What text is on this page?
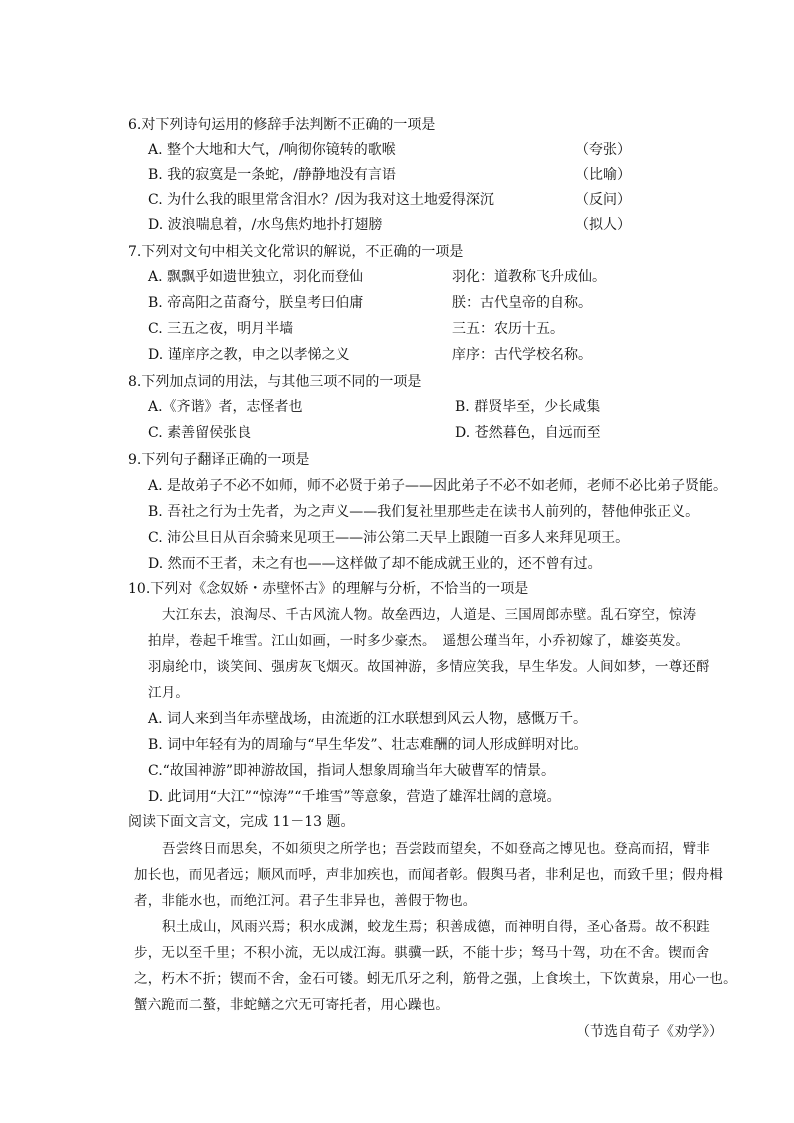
6.对下列诗句运用的修辞手法判断不正确的一项是
A. 整个大地和大气，/响彻你镜转的歌喉	（夸张）
B. 我的寂寞是一条蛇，/静静地没有言语	（比喻）
C. 为什么我的眼里常含泪水？/因为我对这土地爱得深沉	（反问）
D. 波浪喘息着，/水鸟焦灼地扑打翅膀	（拟人）
7.下列对文句中相关文化常识的解说，不正确的一项是
A. 飘飘乎如遗世独立，羽化而登仙	羽化：道教称飞升成仙。
B. 帝高阳之苗裔兮，朕皇考曰伯庸	朕：古代皇帝的自称。
C. 三五之夜，明月半墙	三五：农历十五。
D. 谨庠序之教，申之以孝悌之义	庠序：古代学校名称。
8.下列加点词的用法，与其他三项不同的一项是
A.《齐谐》者，志怪者也	B. 群贤毕至，少长咸集
C. 素善留侯张良	D. 苍然暮色，自远而至
9.下列句子翻译正确的一项是
A. 是故弟子不必不如师，师不必贤于弟子——因此弟子不必不如老师，老师不必比弟子贤能。
B. 吾社之行为士先者，为之声义——我们复社里那些走在读书人前列的，替他伸张正义。
C. 沛公旦日从百余骑来见项王——沛公第二天早上跟随一百多人来拜见项王。
D. 然而不王者，未之有也——这样做了却不能成就王业的，还不曾有过。
10.下列对《念奴娇・赤壁怀古》的理解与分析，不恰当的一项是
大江东去，浪淘尽、千古风流人物。故垒西边，人道是、三国周郎赤壁。乱石穿空，惊涛
拍岸，卷起千堆雪。江山如画，一时多少豪杰。　遥想公瑾当年，小乔初嫁了，雄姿英发。
羽扇纶巾，谈笑间、强虏灰飞烟灭。故国神游，多情应笑我，早生华发。人间如梦，一尊还酹
江月。
A. 词人来到当年赤壁战场，由流逝的江水联想到风云人物，感慨万千。
B. 词中年轻有为的周瑜与“早生华发”、壮志难酬的词人形成鲜明对比。
C.“故国神游”即神游故国，指词人想象周瑜当年大破曹军的情景。
D. 此词用“大江”“惊涛”“千堆雪”等意象，营造了雄浑壮阔的意境。
阅读下面文言文，完成 11－13 题。
吾尝终日而思矣，不如须臾之所学也；吾尝跂而望矣，不如登高之博见也。登高而招，臂非
加长也，而见者远；顺风而呼，声非加疾也，而闻者彰。假舆马者，非利足也，而致千里；假舟楫
者，非能水也，而绝江河。君子生非异也，善假于物也。
积土成山，风雨兴焉；积水成渊，蛟龙生焉；积善成德，而神明自得，圣心备焉。故不积跬
步，无以至千里；不积小流，无以成江海。骐骥一跃，不能十步；驽马十驾，功在不舍。锲而舍
之，朽木不折；锲而不舍，金石可镂。蚓无爪牙之利，筋骨之强，上食埃土，下饮黄泉，用心一也。
蟹六跪而二螯，非蛇鳝之穴无可寄托者，用心躁也。
（节选自荀子《劝学》）
